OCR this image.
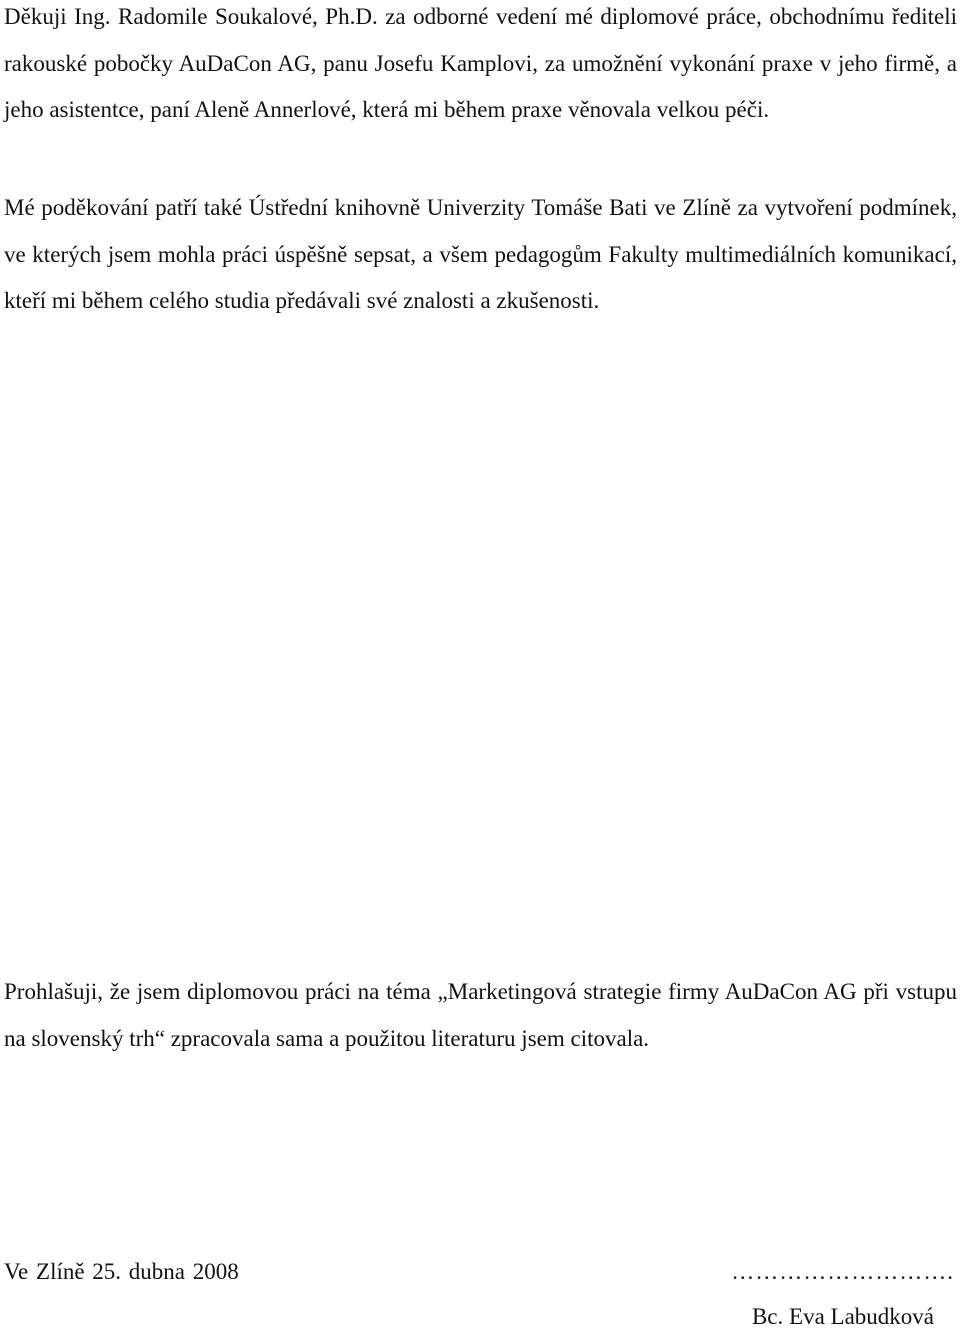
Děkuji Ing. Radomile Soukalové, Ph.D. za odborné vedení mé diplomové práce, obchodnímu řediteli rakouské pobočky AuDaCon AG, panu Josefu Kamplovi, za umožnění vykonání praxe v jeho firmě, a jeho asistentce, paní Aleně Annerlové, která mi během praxe věnovala velkou péči.

Mé poděkování patří také Ústřední knihovně Univerzity Tomáše Bati ve Zlíně za vytvoření podmínek, ve kterých jsem mohla práci úspěšně sepsat, a všem pedagogům Fakulty multimediálních komunikací, kteří mi během celého studia předávali své znalosti a zkušenosti.

Prohlašuji, že jsem diplomovou práci na téma „Marketingová strategie firmy AuDaCon AG při vstupu na slovenský trh“ zpracovala sama a použitou literaturu jsem citovala.

Ve Zlíně 25. dubna 2008	……………………….
Bc. Eva Labudková
